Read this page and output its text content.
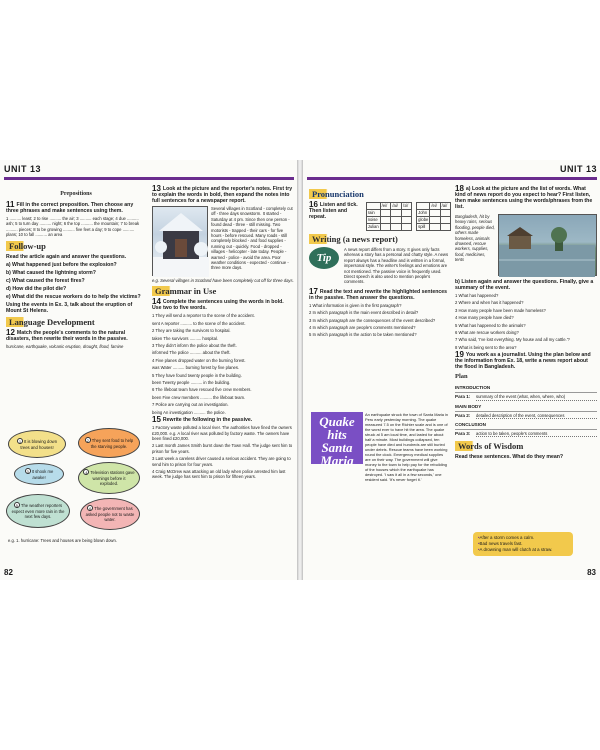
UNIT 13
Prepositions

11 Fill in the correct preposition. Then choose any three phrases and make sentences using them.

1 .......... least; 2 to rise .......... the air; 3 .......... each stage; 4 due .......... ash; 5 to turn day .......... night; 6 the top .......... the mountain; 7 to break .......... pieces; 8 to be growing .......... five feet a day; 9 to cope .......... plans; 10 to fall .......... an area

Follow-up

Read the article again and answer the questions.

a) What happened just before the explosion?

b) What caused the lightning storm?

c) What caused the forest fires?

d) How did the pilot die?

e) What did the rescue workers do to help the victims?

Using the events in Ex. 3, talk about the eruption of Mount St Helens.

Language Development

12 Match the people's comments to the natural disasters, then rewrite their words in the passive.

hurricane, earthquake, volcanic eruption, drought, flood, famine

1 It is blowing down trees and houses!
2 They sent food to help the starving people.
3 It shook me awake!
4 Television stations gave warnings before it exploded.
5 The weather reporters expect even more rain in the next few days.
6 The government has asked people not to waste water.

e.g. 1. hurricane: Trees and houses are being blown down.

13 Look at the picture and the reporter's notes. First try to explain the words in bold, then expand the notes into full sentences for a newspaper report.

Several villages in Scotland - completely cut off - three days snowstorm. It started - Saturday at 4 pm. Since then one person - found dead - three - still missing. Two motorists - trapped - their cars - for five hours - before rescued. Many roads - still completely blocked - and food supplies - running out - quickly. Food - dropped - villages - helicopter - late today. People - warned - police - avoid the area. Poor weather conditions - expected - continue - three more days.

e.g. Several villages in Scotland have been completely cut off for three days.

Grammar in Use

14 Complete the sentences using the words in bold. Use two to five words.

1 They will send a reporter to the scene of the accident.

sent A reporter .......... to the scene of the accident.

2 They are taking the survivors to hospital.

taken The survivors .......... hospital.

3 They didn't inform the police about the theft.

informed The police .......... about the theft.

4 Five planes dropped water on the burning forest.

was Water .......... burning forest by five planes.

5 They have found twenty people in the building.

been Twenty people .......... in the building.

6 The lifeboat team have rescued five crew members.

been Five crew members .......... the lifeboat team.

7 Police are carrying out an investigation.

being An investigation .......... the police.

15 Rewrite the following in the passive.

1 Factory waste polluted a local river. The authorities have fined the owners £20,000. e.g. A local river was polluted by factory waste. The owners have been fined £20,000.

2 Last month James Smith burnt down the Town Hall. The judge sent him to prison for five years.

3 Last week a careless driver caused a serious accident. They are going to send him to prison for four years.

4 Craig McDrew was attacking an old lady when police arrested him last week. The judge has sent him to prison for fifteen years.

82
UNIT 13
Pronunciation

16 Listen and tick. Then listen and repeat.

	/ei/	/ai/	/ɔi/
rain			
noise			
Julian			
	/ei/	/ai/
John		
globe		
spill		
Writing (a news report)
Tip

A news report differs from a story. It gives only facts whereas a story has a personal and chatty style. A news report always has a headline and is written in a formal, impersonal style. The writer's feelings and emotions are not mentioned. The passive voice is frequently used. Direct speech is also used to mention people's comments.

17 Read the text and rewrite the highlighted sentences in the passive. Then answer the questions.

1 What information is given in the first paragraph?

2 In which paragraph is the main event described in detail?

3 In which paragraph are the consequences of the event described?

4 In which paragraph are people's comments mentioned?

5 In which paragraph is the action to be taken mentioned?

Quake hits Santa Maria

An earthquake struck the town of Santa Maria in Peru early yesterday morning. The quake measured 7.5 on the Richter scale and is one of the worst ever to have hit the area. The quake struck at 5 am local time, and lasted for about half a minute. Most buildings collapsed, ten people have died and hundreds are still buried under debris. Rescue teams have been working round the clock. Emergency medical supplies are on their way. The government will give money to the town to help pay for the rebuilding of the houses which the earthquake has destroyed. 'I saw it all in a few seconds,' one resident said. 'It's never forget it.'

18 a) Look at the picture and the list of words. What kind of news report do you expect to hear? First listen, then make sentences using the words/phrases from the list.

Bangladesh, hit by heavy rains, serious flooding, people died, others made homeless, animals drowned, rescue workers, supplies, food, medicines, tents

b) Listen again and answer the questions. Finally, give a summary of the event.

1 What has happened?

2 Where and when has it happened?

3 How many people have been made homeless?

4 How many people have died?

5 What has happened to the animals?

6 What are rescue workers doing?

7 Who said, 'I've lost everything. My house and all my cattle.'?

8 What is being sent to the area?

19 You work as a journalist. Using the plan below and the information from Ex. 18, write a news report about the flood in Bangladesh.

Plan
INTRODUCTION
Para 1:	summary of the event (what, when, where, who)
MAIN BODY
Para 2:	detailed description of the event, consequences
CONCLUSION
Para 3:	action to be taken, people's comments
Words of Wisdom

Read these sentences. What do they mean?

• After a storm comes a calm.
• Bad news travels fast.
• A drowning man will clutch at a straw.
83
